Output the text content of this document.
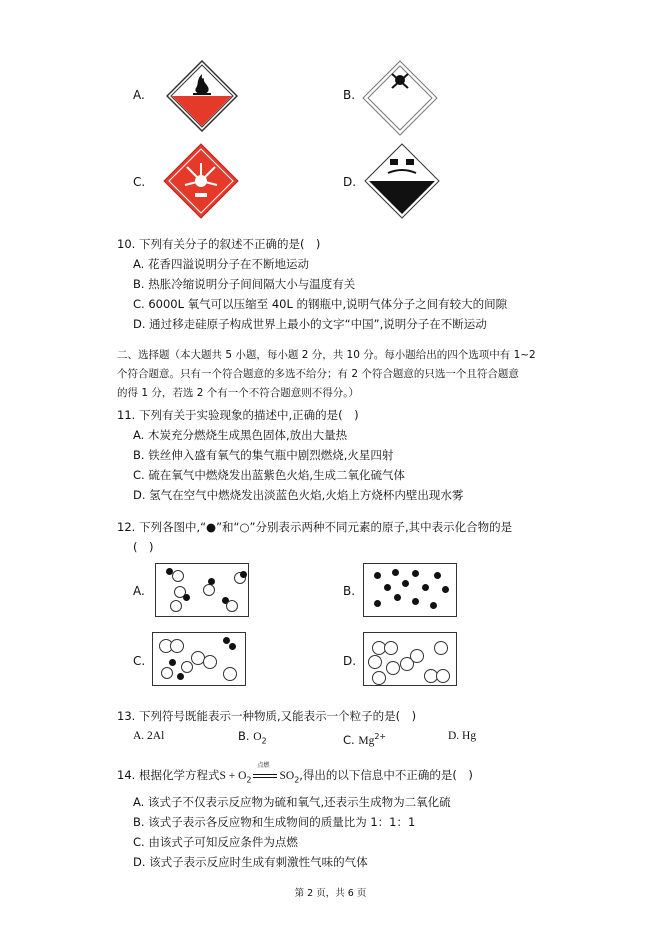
A.	B.
C.	D.
10. 下列有关分子的叙述不正确的是(　)
A. 花香四溢说明分子在不断地运动
B. 热胀冷缩说明分子间间隔大小与温度有关
C. 6000L 氧气可以压缩至 40L 的钢瓶中,说明气体分子之间有较大的间隙
D. 通过移走硅原子构成世界上最小的文字“中国”,说明分子在不断运动
二、选择题（本大题共 5 小题，每小题 2 分，共 10 分。每小题给出的四个选项中有 1~2
个符合题意。只有一个符合题意的多选不给分；有 2 个符合题意的只选一个且符合题意
的得 1 分，若选 2 个有一个不符合题意则不得分。）
11. 下列有关于实验现象的描述中,正确的是(　)
A. 木炭充分燃烧生成黑色固体,放出大量热
B. 铁丝伸入盛有氧气的集气瓶中剧烈燃烧,火星四射
C. 硫在氧气中燃烧发出蓝紫色火焰,生成二氧化硫气体
D. 氢气在空气中燃烧发出淡蓝色火焰,火焰上方烧杯内壁出现水雾
12. 下列各图中,“●”和“○”分别表示两种不同元素的原子,其中表示化合物的是
(　)
A.	B.
C.	D.
13. 下列符号既能表示一种物质,又能表示一个粒子的是(　)
A. 2Al	B. $O_2$	C. $Mg^{2+}$	D. Hg
14. 根据化学方程式$S + O_2$
点燃
$SO_2$,得出的以下信息中不正确的是(　)
A. 该式子不仅表示反应物为硫和氧气,还表示生成物为二氧化硫
B. 该式子表示各反应物和生成物间的质量比为 1：1：1
C. 由该式子可知反应条件为点燃
D. 该式子表示反应时生成有刺激性气味的气体
第 2 页，共 6 页
